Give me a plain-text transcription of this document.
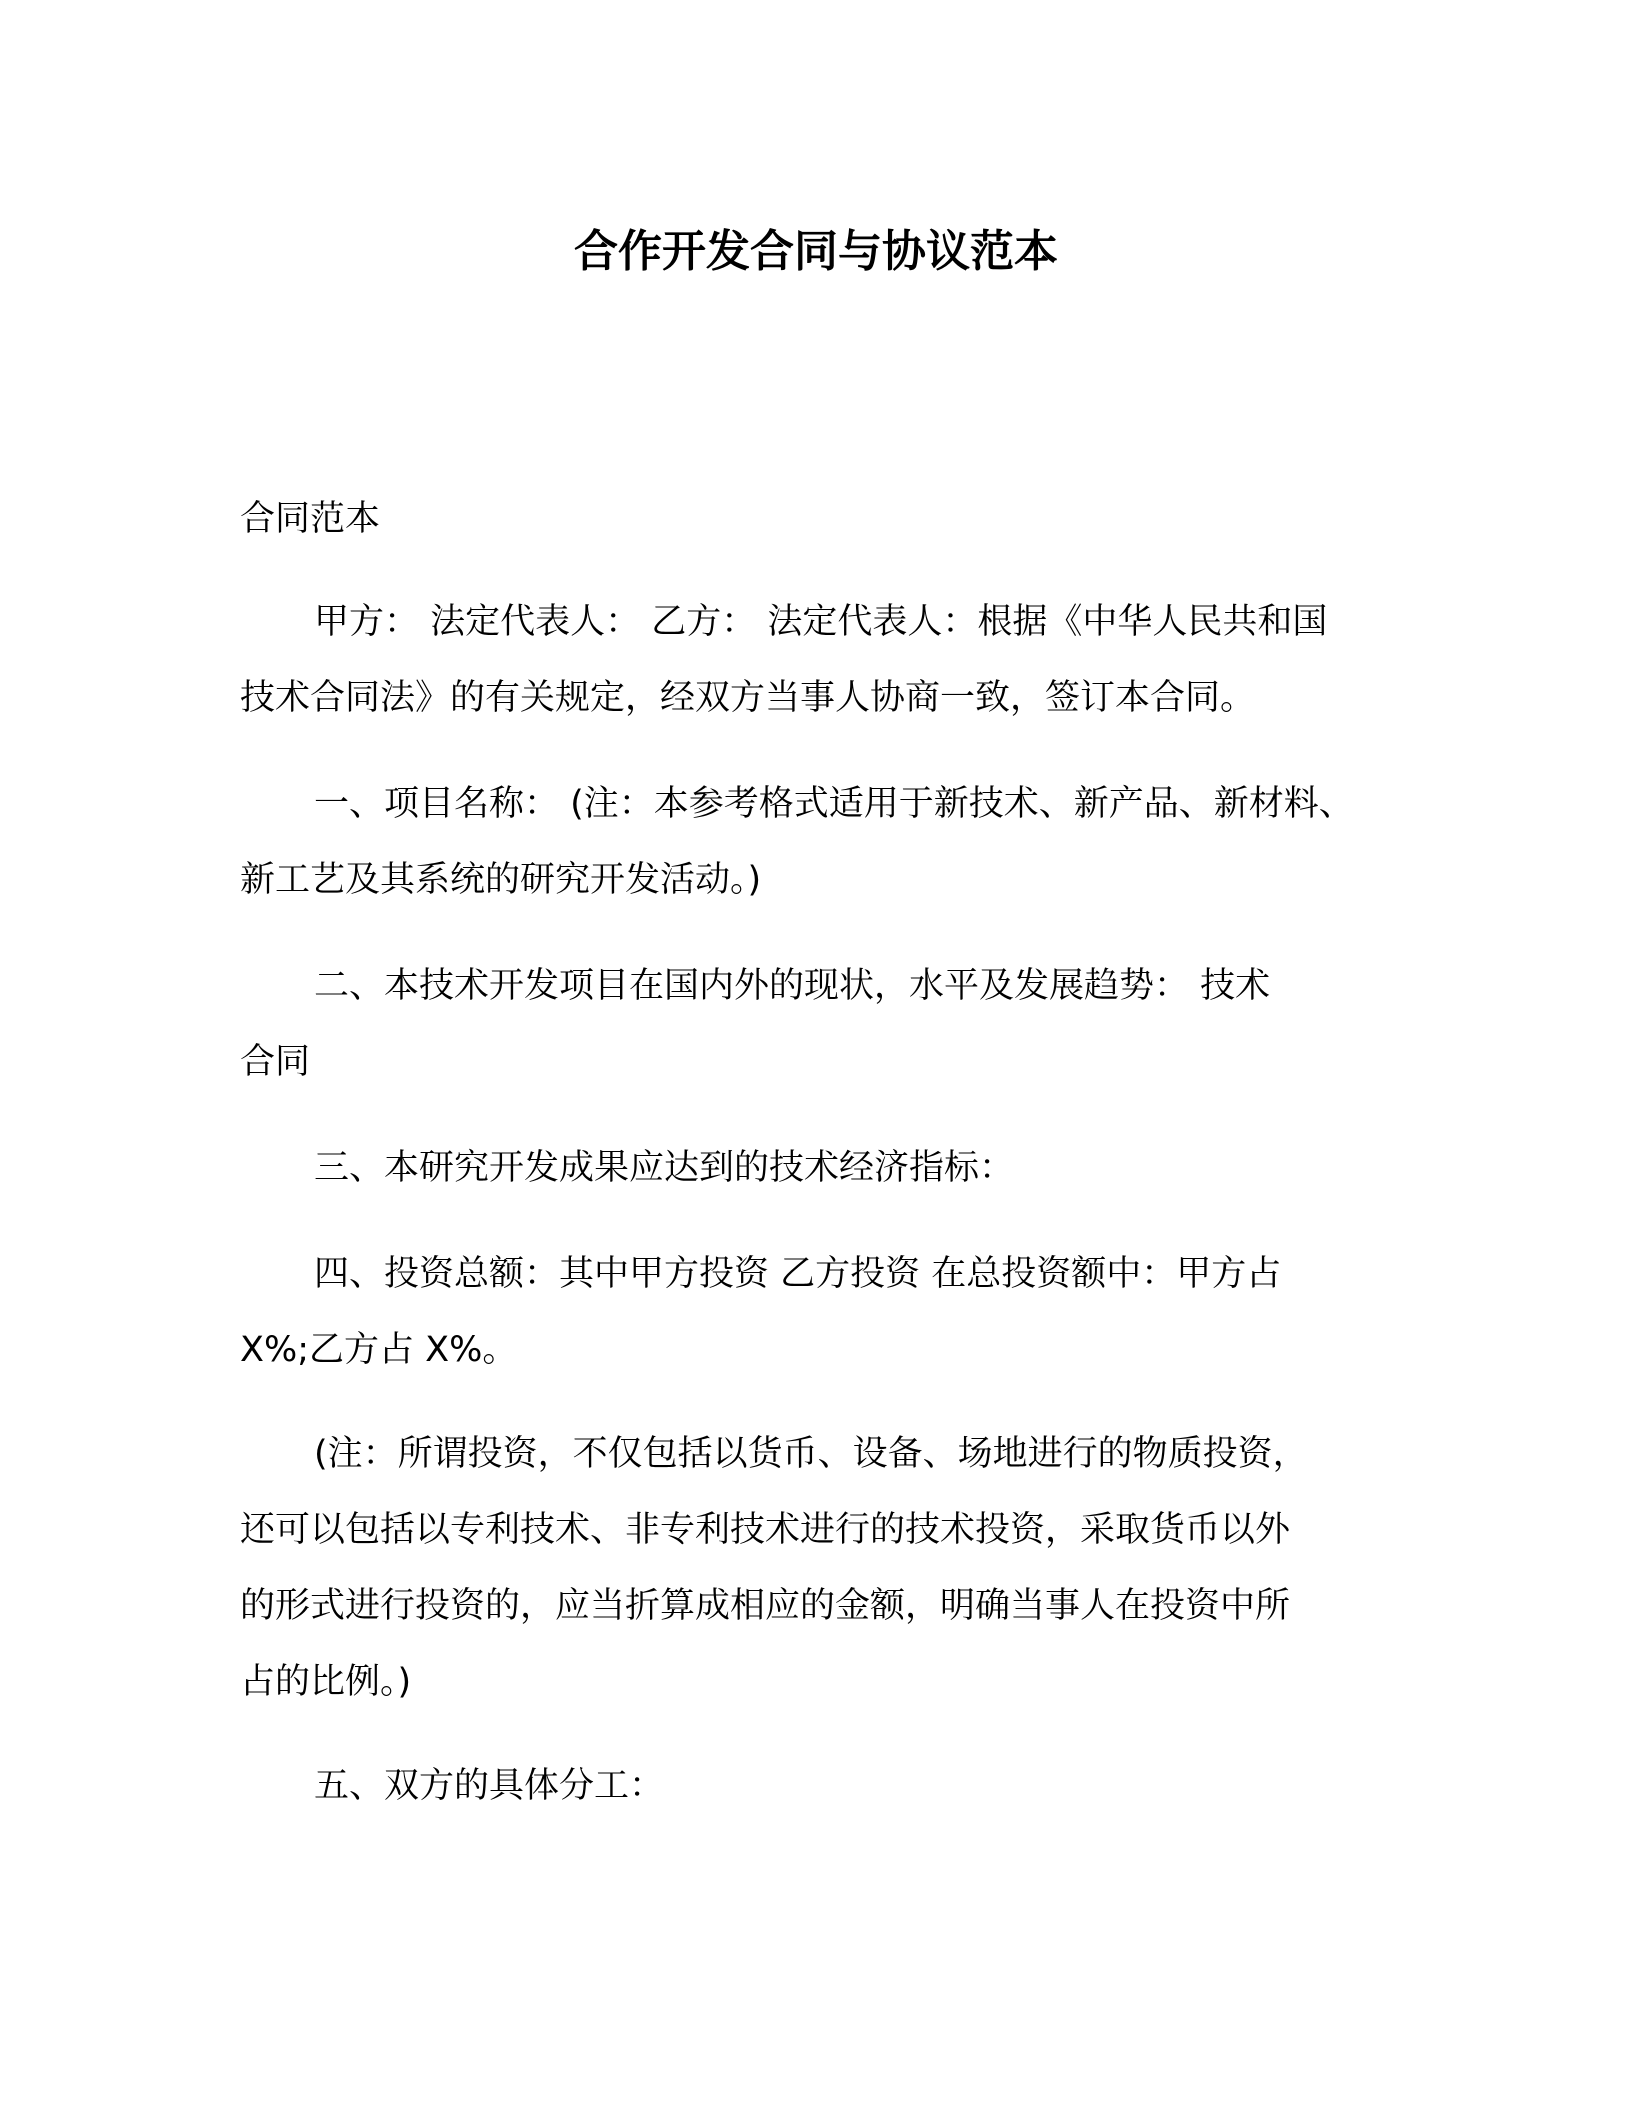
合作开发合同与协议范本
合同范本
甲方： 法定代表人： 乙方： 法定代表人：根据《中华人民共和国
技术合同法》的有关规定，经双方当事人协商一致，签订本合同。
一、项目名称： (注：本参考格式适用于新技术、新产品、新材料、
新工艺及其系统的研究开发活动。)
二、本技术开发项目在国内外的现状，水平及发展趋势： 技术
合同
三、本研究开发成果应达到的技术经济指标：
四、投资总额：其中甲方投资 乙方投资 在总投资额中：甲方占
X%;乙方占 X%。
(注：所谓投资，不仅包括以货币、设备、场地进行的物质投资，
还可以包括以专利技术、非专利技术进行的技术投资，采取货币以外
的形式进行投资的，应当折算成相应的金额，明确当事人在投资中所
占的比例。)
五、双方的具体分工：
